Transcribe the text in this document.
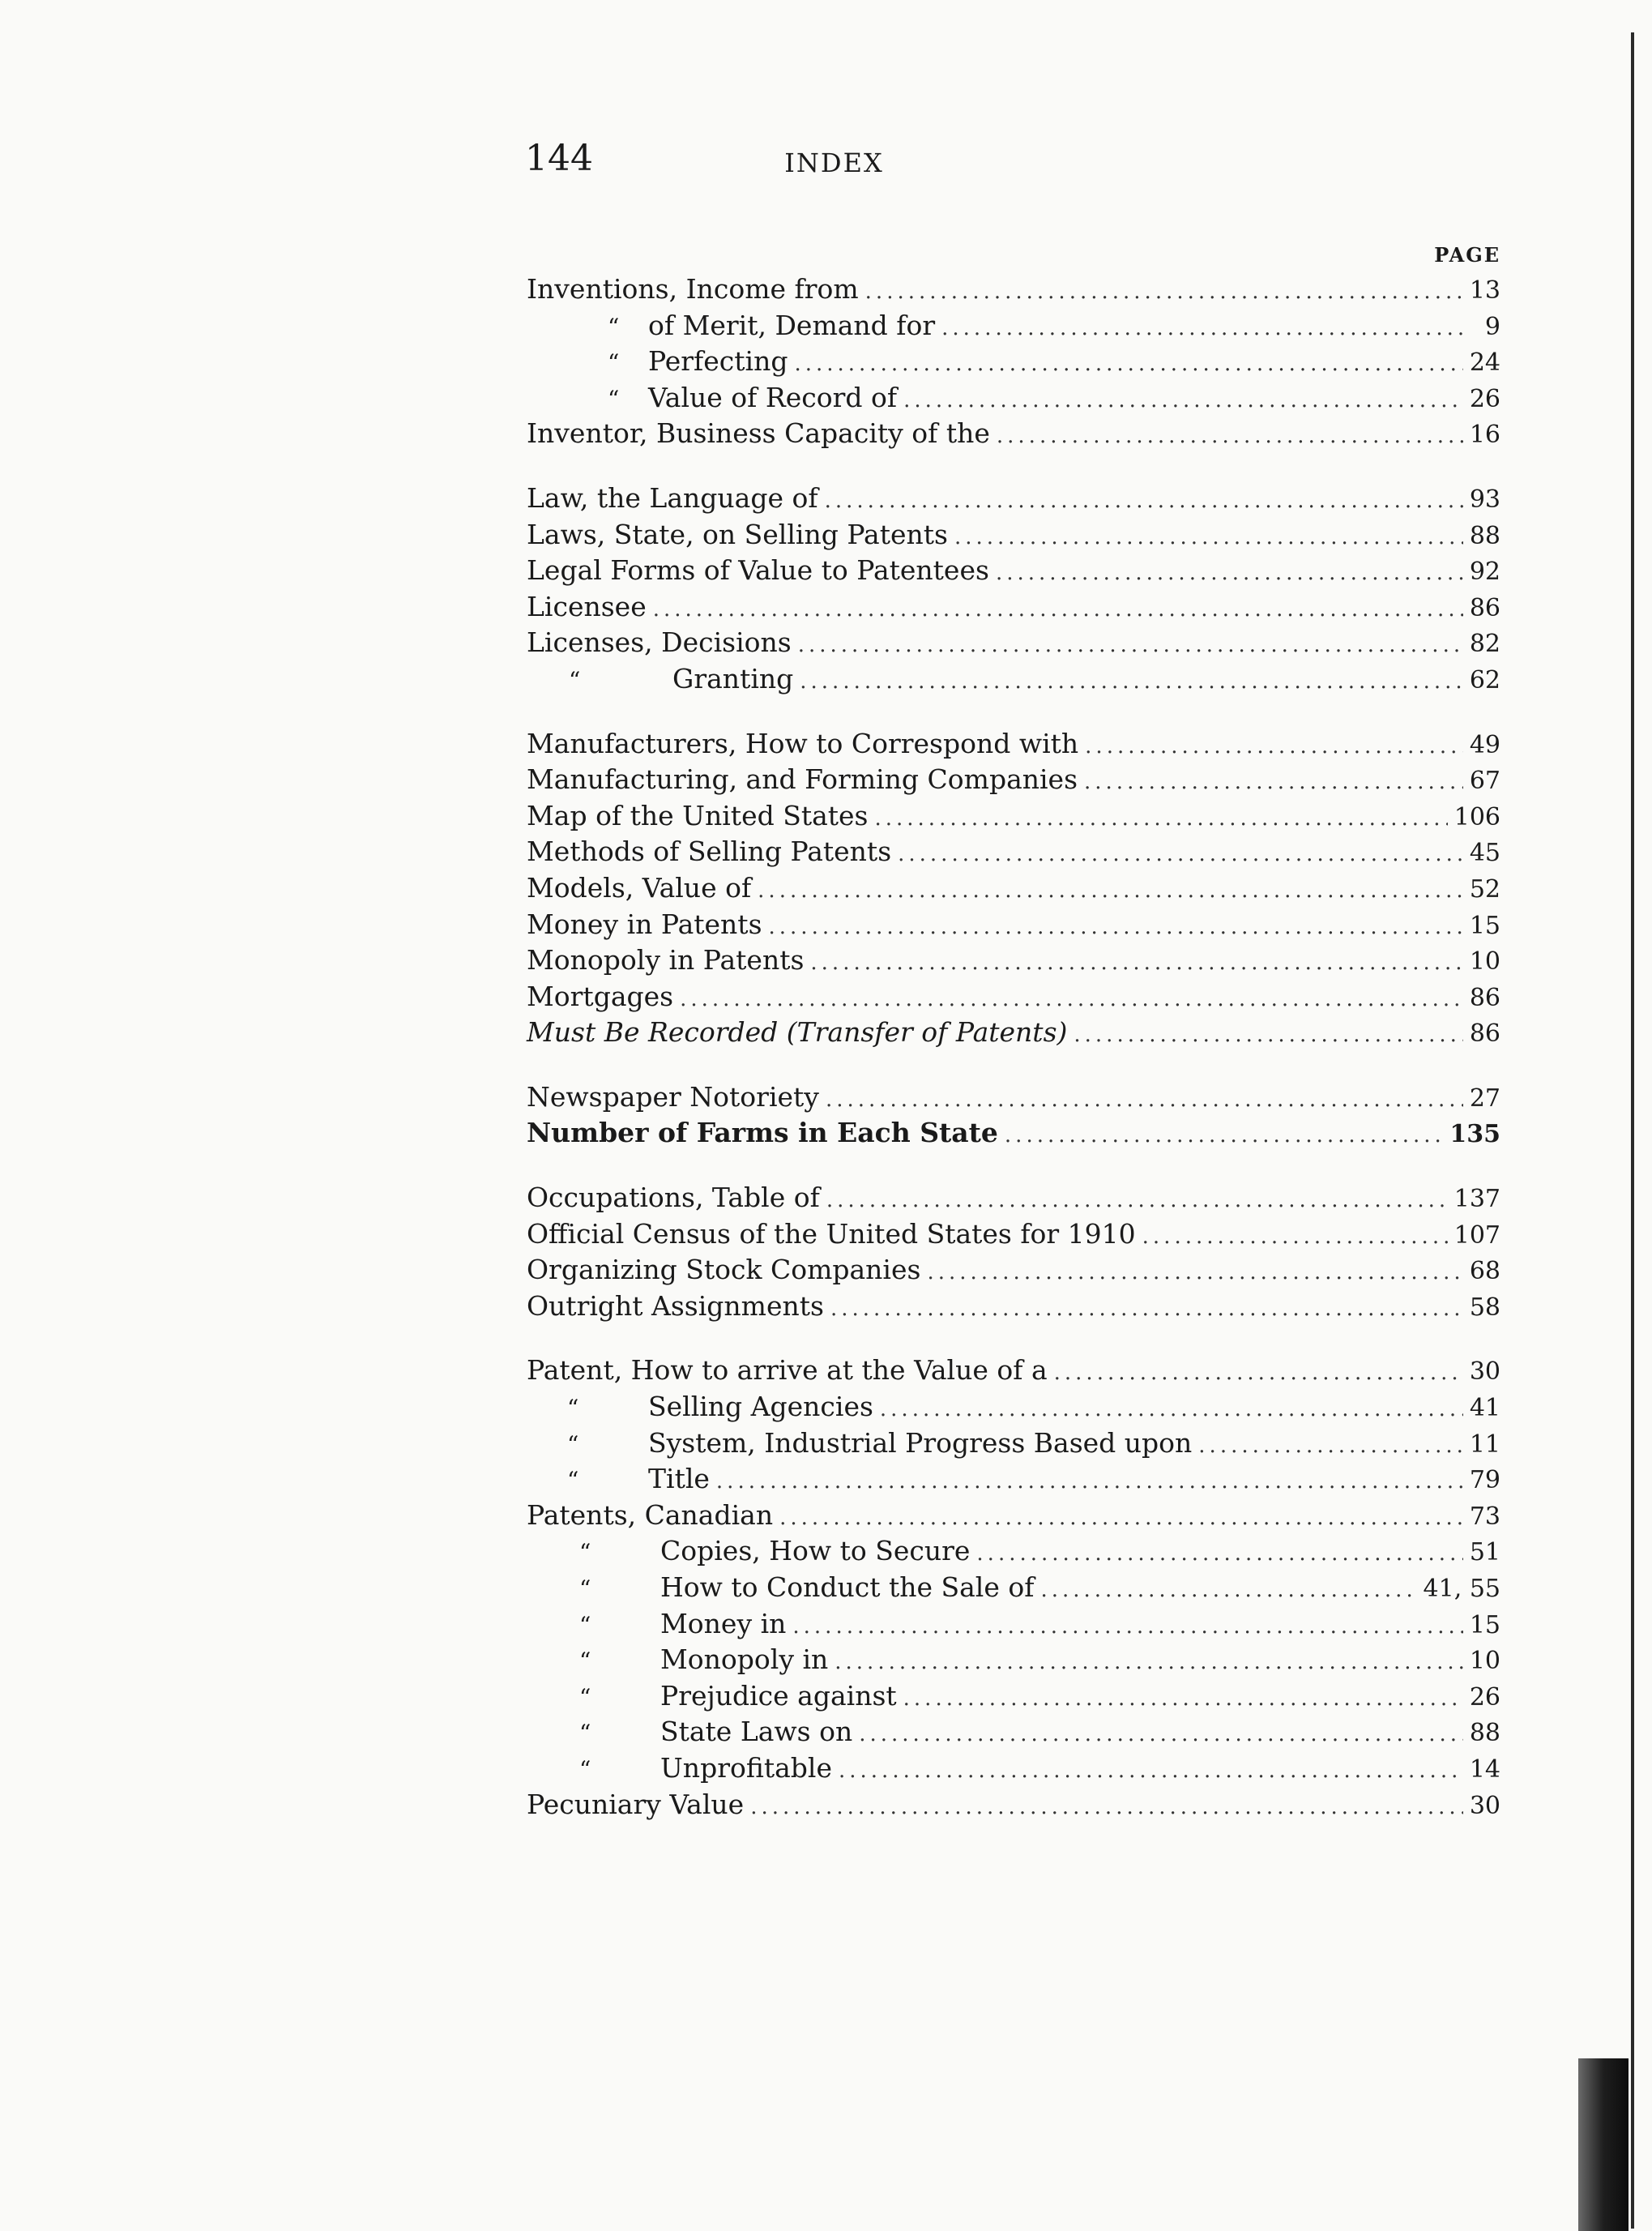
144	INDEX
PAGE
Inventions, Income from .....	13
“ of Merit, Demand for .....	9
“ Perfecting .....	24
“ Value of Record of .....	26
Inventor, Business Capacity of the .....	16
Law, the Language of .....	93
Laws, State, on Selling Patents .....	88
Legal Forms of Value to Patentees .....	92
Licensee .....	86
Licenses, Decisions .....	82
“	Granting .....	62
Manufacturers, How to Correspond with .....	49
Manufacturing, and Forming Companies .....	67
Map of the United States .....	106
Methods of Selling Patents .....	45
Models, Value of .....	52
Money in Patents .....	15
Monopoly in Patents .....	10
Mortgages .....	86
Must Be Recorded (Transfer of Patents) .....	86
Newspaper Notoriety .....	27
Number of Farms in Each State .....	135
Occupations, Table of .....	137
Official Census of the United States for 1910 .....	107
Organizing Stock Companies .....	68
Outright Assignments .....	58
Patent, How to arrive at the Value of a .....	30
“	Selling Agencies .....	41
“	System, Industrial Progress Based upon .....	11
“	Title .....	79
Patents, Canadian .....	73
“	Copies, How to Secure .....	51
“	How to Conduct the Sale of .....	41, 55
“	Money in .....	15
“	Monopoly in .....	10
“	Prejudice against .....	26
“	State Laws on .....	88
“	Unprofitable .....	14
Pecuniary Value .....	30
